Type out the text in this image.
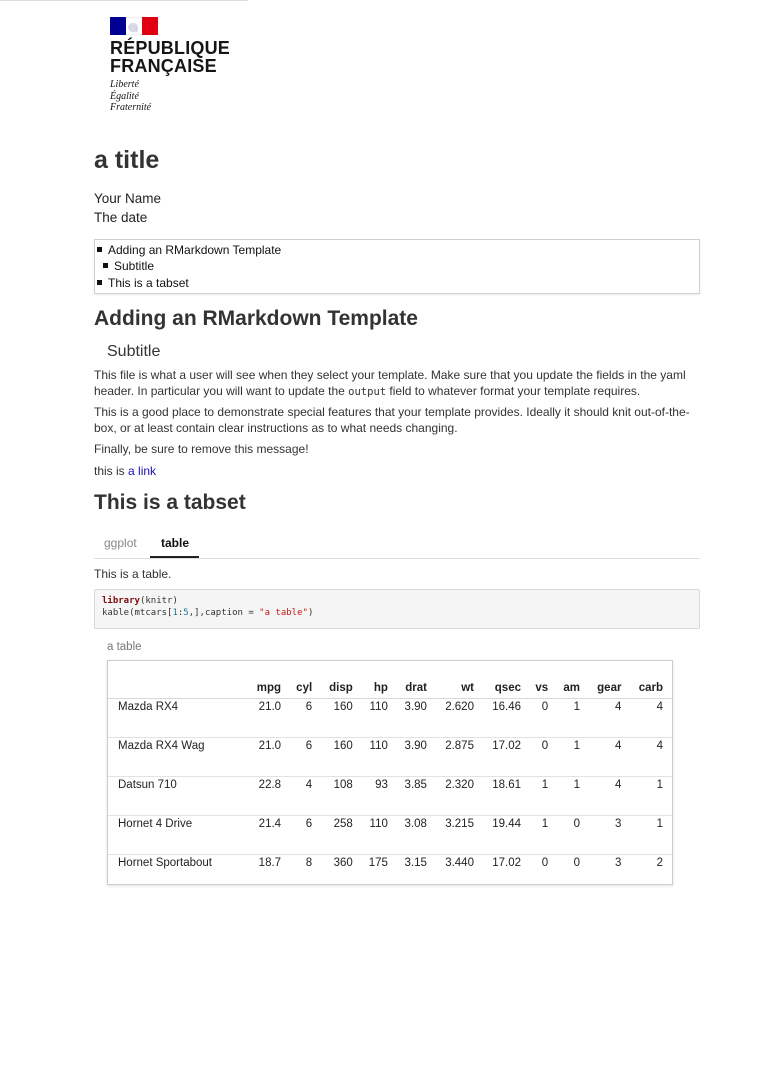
RÉPUBLIQUE
FRANÇAISE
Liberté
Égalité
Fraternité
a title
Your Name
The date
Adding an RMarkdown Template
Subtitle
This is a tabset
Adding an RMarkdown Template
Subtitle

This file is what a user will see when they select your template. Make sure that you update the fields in the yaml header. In particular you will want to update the output field to whatever format your template requires.

This is a good place to demonstrate special features that your template provides. Ideally it should knit out-of-the-box, or at least contain clear instructions as to what needs changing.

Finally, be sure to remove this message!

this is a link

This is a tabset
ggplot table

This is a table.

library(knitr)
kable(mtcars[1:5,],caption = "a table")
a table
	mpg	cyl	disp	hp	drat	wt	qsec	vs	am	gear	carb
Mazda RX4	21.0	6	160	110	3.90	2.620	16.46	0	1	4	4
Mazda RX4 Wag	21.0	6	160	110	3.90	2.875	17.02	0	1	4	4
Datsun 710	22.8	4	108	93	3.85	2.320	18.61	1	1	4	1
Hornet 4 Drive	21.4	6	258	110	3.08	3.215	19.44	1	0	3	1
Hornet Sportabout	18.7	8	360	175	3.15	3.440	17.02	0	0	3	2
